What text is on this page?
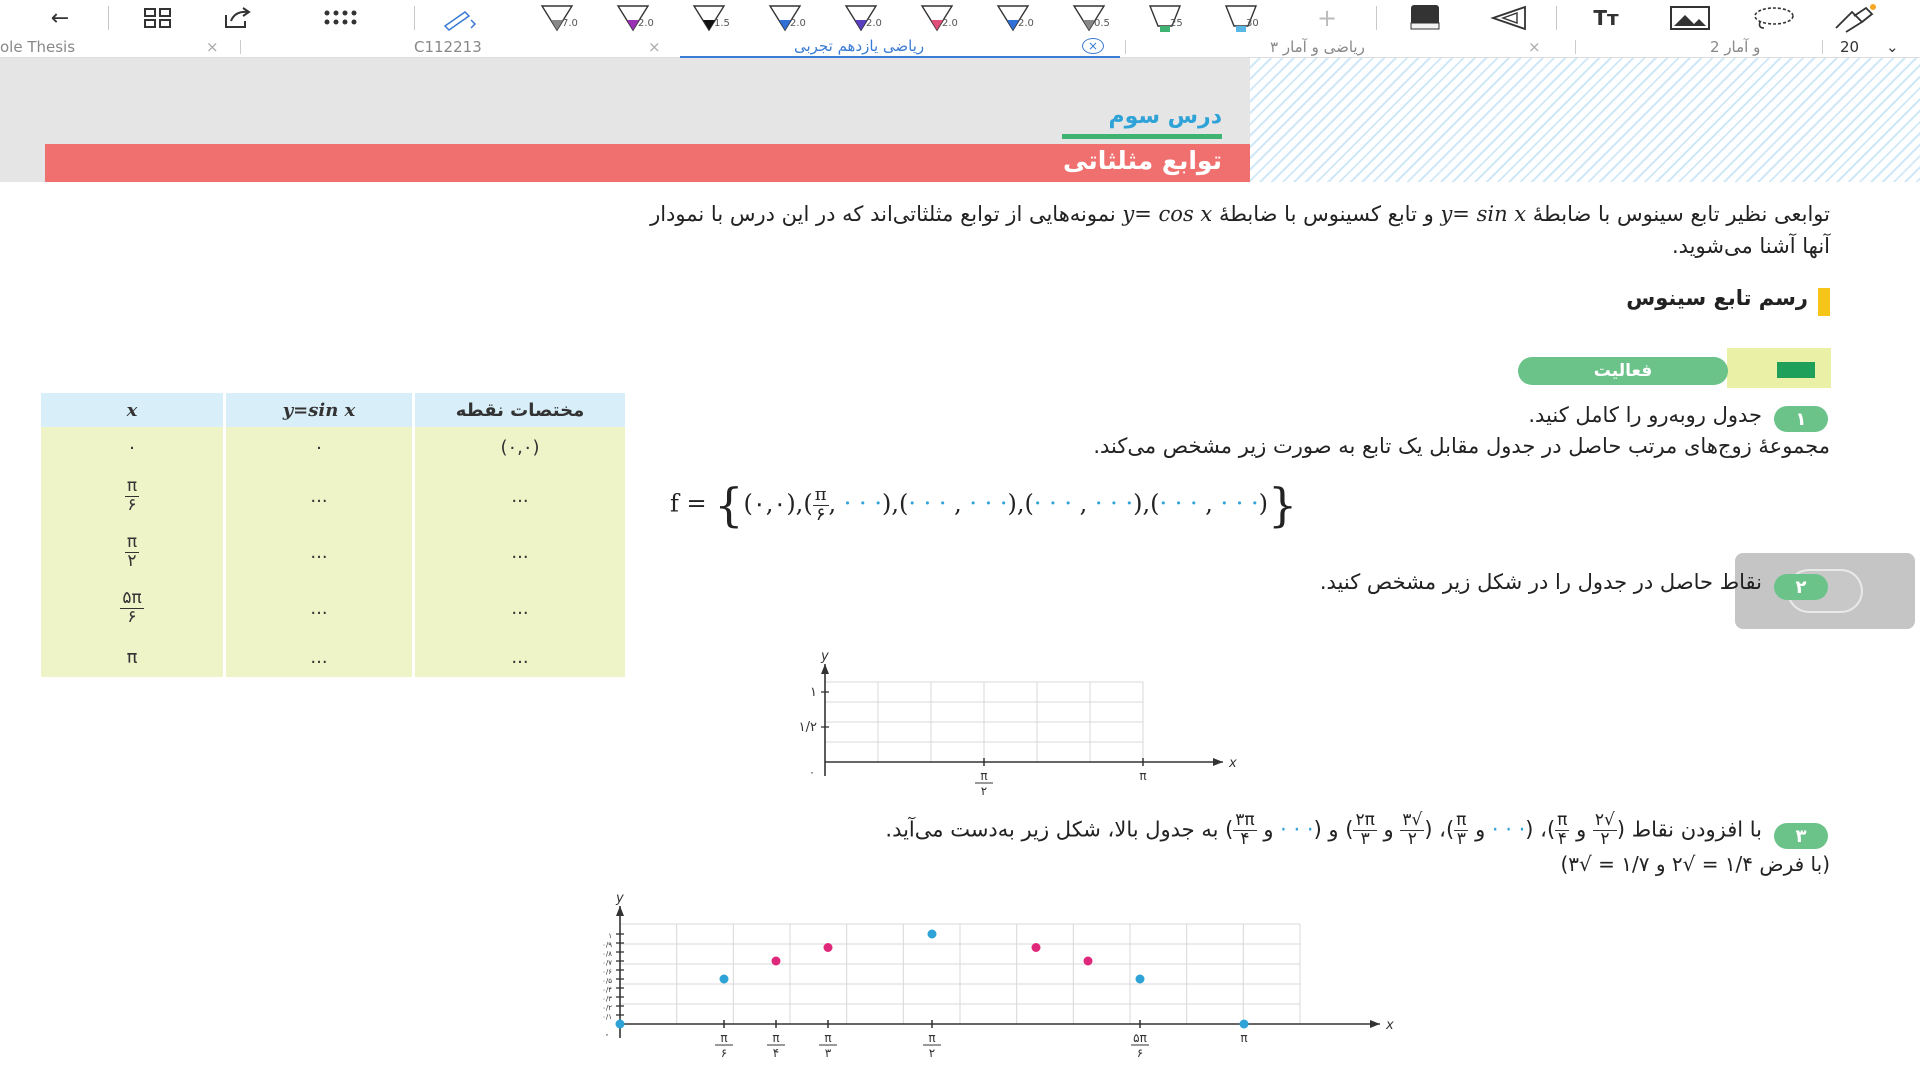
←	7.0	2.0	1.5	2.0	2.0	2.0	2.0	0.5	25	30 +	Tт
ole Thesis	×	C112213	×	ریاضی یازدهم تجربی	×	ریاضی و آمار ۳	×	و آمار 2	20 ⌄
درس سوم
توابع مثلثاتی
توابعی نظیر تابع سینوس با ضابطهٔ y= sin x و تابع کسینوس با ضابطهٔ y= cos x نمونه‌هایی از توابع مثلثاتی‌اند که در این درس با نمودار
آنها آشنا می‌شوید.
رسم تابع سینوس
فعالیت
۱
جدول روبه‌رو را کامل کنید.
مجموعهٔ زوج‌های مرتب حاصل در جدول مقابل یک تابع به صورت زیر مشخص می‌کند.
f = {(۰,۰),( $\frac{\pi}{۶}$ , · · ·),(· · · , · · ·),(· · · , · · ·),(· · · , · · ·)}
x	y=sin x	مختصات نقطه
۰	۰	(۰,۰)

$\frac{\pi}{۶}$	...	...

$\frac{\pi}{۲}$	...	...

$\frac{۵\pi}{۶}$	...	...
π	...	...
۲
نقاط حاصل در جدول را در شکل زیر مشخص کنید.
x
y
۰	π
۲
π
۱
۱/۲
۳
با افزودن نقاط (
$\frac{√۲}{۲}$
و
$\frac{\pi}{۴}$
)، (· · · و
$\frac{\pi}{۳}$
)، (
$\frac{√۳}{۲}$
و
$\frac{۲\pi}{۳}$
) و (· · · و
$\frac{۳\pi}{۴}$
) به جدول بالا، شکل زیر به‌دست می‌آید.
(با فرض ۱/۴ = √۲ و ۱/۷ = √۳)
x
y
۰	π
۶
π
۴
π
۳
π
۲
۵π
۶
π
۱
۰/۹
۰/۸
۰/۷
۰/۶
۰/۵
۰/۴
۰/۳
۰/۲
۰/۱
